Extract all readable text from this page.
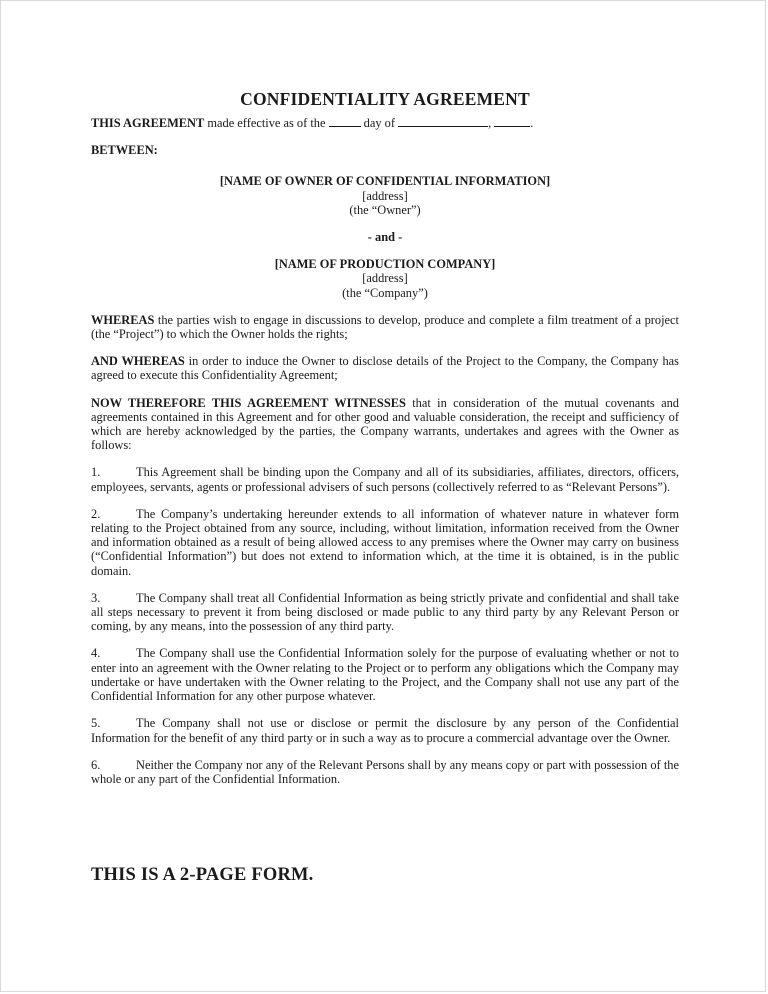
CONFIDENTIALITY AGREEMENT

THIS AGREEMENT made effective as of the	day of	,	.

BETWEEN:

[NAME OF OWNER OF CONFIDENTIAL INFORMATION]
[address]
(the “Owner”)
- and -
[NAME OF PRODUCTION COMPANY]
[address]
(the “Company”)

WHEREAS the parties wish to engage in discussions to develop, produce and complete a film treatment of a project (the “Project”) to which the Owner holds the rights;

AND WHEREAS in order to induce the Owner to disclose details of the Project to the Company, the Company has agreed to execute this Confidentiality Agreement;

NOW THEREFORE THIS AGREEMENT WITNESSES that in consideration of the mutual covenants and agreements contained in this Agreement and for other good and valuable consideration, the receipt and sufficiency of which are hereby acknowledged by the parties, the Company warrants, undertakes and agrees with the Owner as follows:

1.	This Agreement shall be binding upon the Company and all of its subsidiaries, affiliates, directors, officers, employees, servants, agents or professional advisers of such persons (collectively referred to as “Relevant Persons”).

2.	The Company’s undertaking hereunder extends to all information of whatever nature in whatever form relating to the Project obtained from any source, including, without limitation, information received from the Owner and information obtained as a result of being allowed access to any premises where the Owner may carry on business (“Confidential Information”) but does not extend to information which, at the time it is obtained, is in the public domain.

3.	The Company shall treat all Confidential Information as being strictly private and confidential and shall take all steps necessary to prevent it from being disclosed or made public to any third party by any Relevant Person or coming, by any means, into the possession of any third party.

4.	The Company shall use the Confidential Information solely for the purpose of evaluating whether or not to enter into an agreement with the Owner relating to the Project or to perform any obligations which the Company may undertake or have undertaken with the Owner relating to the Project, and the Company shall not use any part of the Confidential Information for any other purpose whatever.

5.	The Company shall not use or disclose or permit the disclosure by any person of the Confidential Information for the benefit of any third party or in such a way as to procure a commercial advantage over the Owner.

6.	Neither the Company nor any of the Relevant Persons shall by any means copy or part with possession of the whole or any part of the Confidential Information.

THIS IS A 2-PAGE FORM.
